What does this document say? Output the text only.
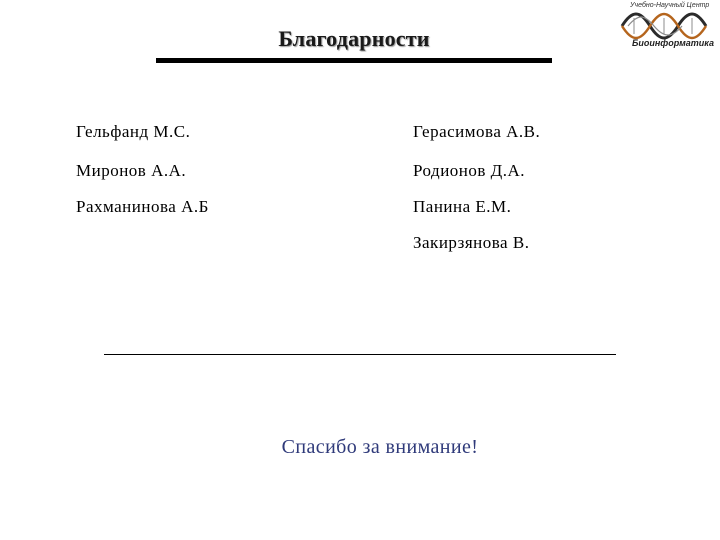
Благодарности
Учебно-Научный Центр
Биоинформатика
Гельфанд М.С.
Миронов А.А.
Рахманинова А.Б
Герасимова А.В.
Родионов Д.А.
Панина Е.М.
Закирзянова В.
Спасибо за внимание!
